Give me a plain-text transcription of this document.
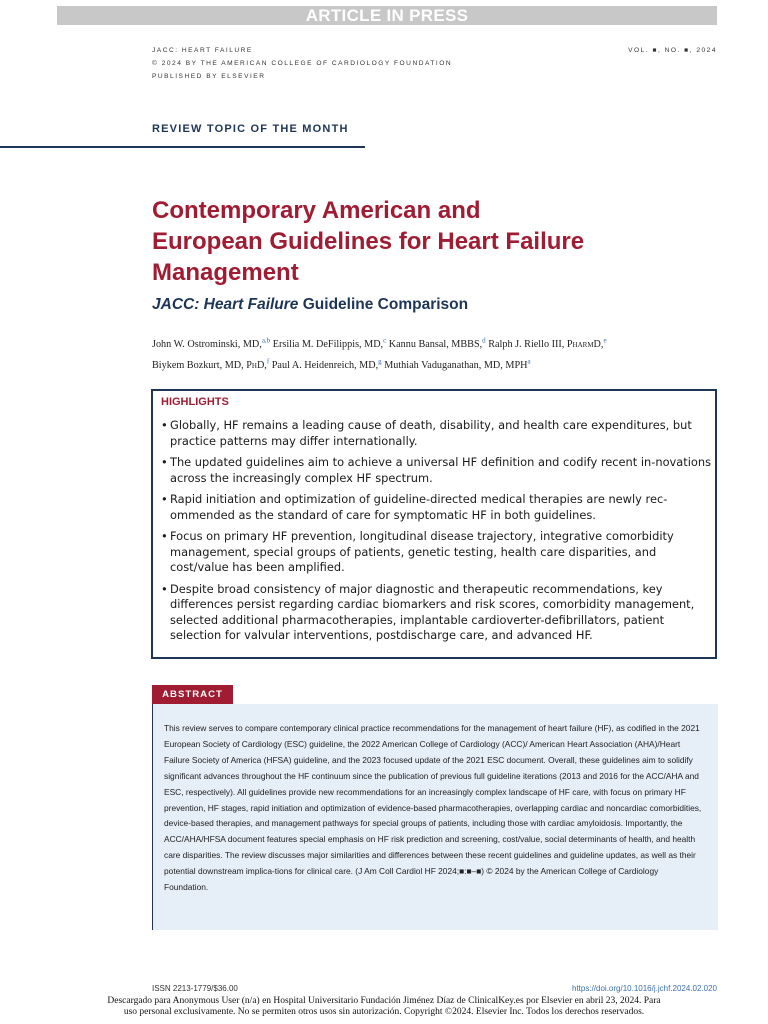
ARTICLE IN PRESS
JACC: HEART FAILURE
© 2024 BY THE AMERICAN COLLEGE OF CARDIOLOGY FOUNDATION
PUBLISHED BY ELSEVIER
VOL. ■, NO. ■, 2024
REVIEW TOPIC OF THE MONTH
Contemporary American and
European Guidelines for Heart Failure
Management
JACC: Heart Failure Guideline Comparison
John W. Ostrominski, MD,$^{a,b}$ Ersilia M. DeFilippis, MD,$^c$ Kannu Bansal, MBBS,$^d$ Ralph J. Riello III, PharmD,$^e$
Biykem Bozkurt, MD, PhD,$^f$ Paul A. Heidenreich, MD,$^g$ Muthiah Vaduganathan, MD, MPH$^a$
HIGHLIGHTS
• Globally, HF remains a leading cause of death, disability, and health care expenditures, but practice patterns may differ internationally.
• The updated guidelines aim to achieve a universal HF definition and codify recent in-novations across the increasingly complex HF spectrum.
• Rapid initiation and optimization of guideline-directed medical therapies are newly rec-ommended as the standard of care for symptomatic HF in both guidelines.
• Focus on primary HF prevention, longitudinal disease trajectory, integrative comorbidity management, special groups of patients, genetic testing, health care disparities, and cost/value has been amplified.
• Despite broad consistency of major diagnostic and therapeutic recommendations, key differences persist regarding cardiac biomarkers and risk scores, comorbidity management, selected additional pharmacotherapies, implantable cardioverter-defibrillators, patient selection for valvular interventions, postdischarge care, and advanced HF.
ABSTRACT
This review serves to compare contemporary clinical practice recommendations for the management of heart failure (HF), as codified in the 2021 European Society of Cardiology (ESC) guideline, the 2022 American College of Cardiology (ACC)/ American Heart Association (AHA)/Heart Failure Society of America (HFSA) guideline, and the 2023 focused update of the 2021 ESC document. Overall, these guidelines aim to solidify significant advances throughout the HF continuum since the publication of previous full guideline iterations (2013 and 2016 for the ACC/AHA and ESC, respectively). All guidelines provide new recommendations for an increasingly complex landscape of HF care, with focus on primary HF prevention, HF stages, rapid initiation and optimization of evidence-based pharmacotherapies, overlapping cardiac and noncardiac comorbidities, device-based therapies, and management pathways for special groups of patients, including those with cardiac amyloidosis. Importantly, the ACC/AHA/HFSA document features special emphasis on HF risk prediction and screening, cost/value, social determinants of health, and health care disparities. The review discusses major similarities and differences between these recent guidelines and guideline updates, as well as their potential downstream implica-tions for clinical care. (J Am Coll Cardiol HF 2024;■:■–■) © 2024 by the American College of Cardiology Foundation.
ISSN 2213-1779/$36.00	https://doi.org/10.1016/j.jchf.2024.02.020
Descargado para Anonymous User (n/a) en Hospital Universitario Fundación Jiménez Díaz de ClinicalKey.es por Elsevier en abril 23, 2024. Para
uso personal exclusivamente. No se permiten otros usos sin autorización. Copyright ©2024. Elsevier Inc. Todos los derechos reservados.
